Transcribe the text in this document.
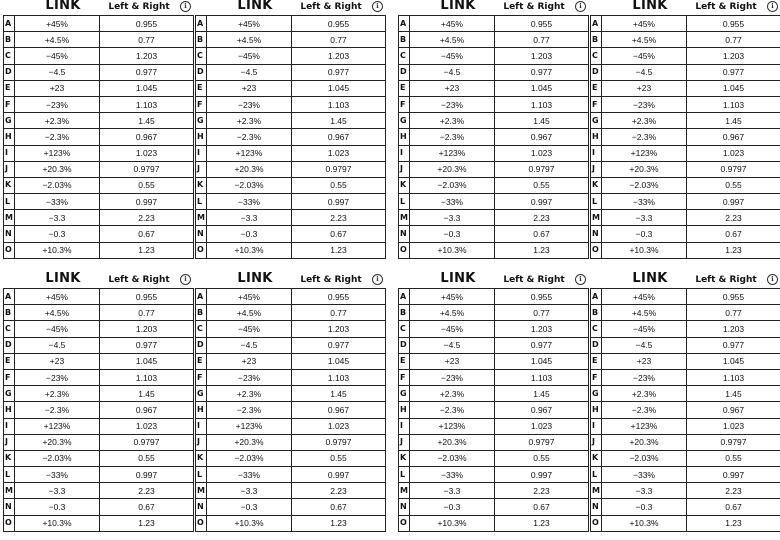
LINK	Left & Right	ℹ
A	+45%	0.955
B	+4.5%	0.77
C	−45%	1.203
D	−4.5	0.977
E	+23	1.045
F	−23%	1.103
G	+2.3%	1.45
H	−2.3%	0.967
I	+123%	1.023
J	+20.3%	0.9797
K	−2.03%	0.55
L	−33%	0.997
M	−3.3	2.23
N	−0.3	0.67
O	+10.3%	1.23
LINK	Left & Right	ℹ
A	+45%	0.955
B	+4.5%	0.77
C	−45%	1.203
D	−4.5	0.977
E	+23	1.045
F	−23%	1.103
G	+2.3%	1.45
H	−2.3%	0.967
I	+123%	1.023
J	+20.3%	0.9797
K	−2.03%	0.55
L	−33%	0.997
M	−3.3	2.23
N	−0.3	0.67
O	+10.3%	1.23
LINK	Left & Right	ℹ
A	+45%	0.955
B	+4.5%	0.77
C	−45%	1.203
D	−4.5	0.977
E	+23	1.045
F	−23%	1.103
G	+2.3%	1.45
H	−2.3%	0.967
I	+123%	1.023
J	+20.3%	0.9797
K	−2.03%	0.55
L	−33%	0.997
M	−3.3	2.23
N	−0.3	0.67
O	+10.3%	1.23
LINK	Left & Right	ℹ
A	+45%	0.955
B	+4.5%	0.77
C	−45%	1.203
D	−4.5	0.977
E	+23	1.045
F	−23%	1.103
G	+2.3%	1.45
H	−2.3%	0.967
I	+123%	1.023
J	+20.3%	0.9797
K	−2.03%	0.55
L	−33%	0.997
M	−3.3	2.23
N	−0.3	0.67
O	+10.3%	1.23
LINK	Left & Right	ℹ
A	+45%	0.955
B	+4.5%	0.77
C	−45%	1.203
D	−4.5	0.977
E	+23	1.045
F	−23%	1.103
G	+2.3%	1.45
H	−2.3%	0.967
I	+123%	1.023
J	+20.3%	0.9797
K	−2.03%	0.55
L	−33%	0.997
M	−3.3	2.23
N	−0.3	0.67
O	+10.3%	1.23
LINK	Left & Right	ℹ
A	+45%	0.955
B	+4.5%	0.77
C	−45%	1.203
D	−4.5	0.977
E	+23	1.045
F	−23%	1.103
G	+2.3%	1.45
H	−2.3%	0.967
I	+123%	1.023
J	+20.3%	0.9797
K	−2.03%	0.55
L	−33%	0.997
M	−3.3	2.23
N	−0.3	0.67
O	+10.3%	1.23
LINK	Left & Right	ℹ
A	+45%	0.955
B	+4.5%	0.77
C	−45%	1.203
D	−4.5	0.977
E	+23	1.045
F	−23%	1.103
G	+2.3%	1.45
H	−2.3%	0.967
I	+123%	1.023
J	+20.3%	0.9797
K	−2.03%	0.55
L	−33%	0.997
M	−3.3	2.23
N	−0.3	0.67
O	+10.3%	1.23
LINK	Left & Right	ℹ
A	+45%	0.955
B	+4.5%	0.77
C	−45%	1.203
D	−4.5	0.977
E	+23	1.045
F	−23%	1.103
G	+2.3%	1.45
H	−2.3%	0.967
I	+123%	1.023
J	+20.3%	0.9797
K	−2.03%	0.55
L	−33%	0.997
M	−3.3	2.23
N	−0.3	0.67
O	+10.3%	1.23
